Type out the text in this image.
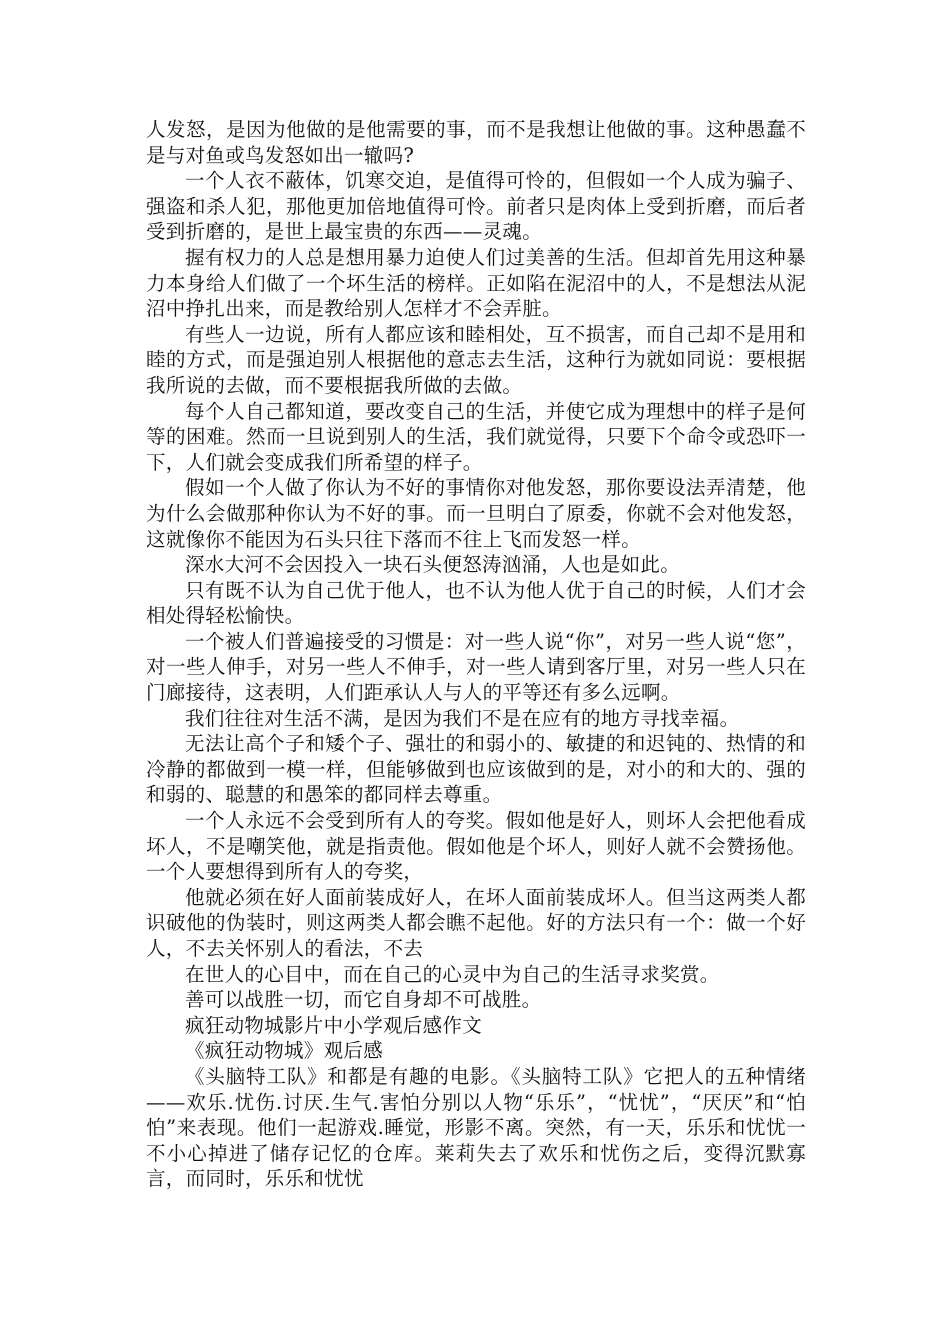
人发怒，是因为他做的是他需要的事，而不是我想让他做的事。这种愚蠢不是与对鱼或鸟发怒如出一辙吗?

一个人衣不蔽体，饥寒交迫，是值得可怜的，但假如一个人成为骗子、强盗和杀人犯，那他更加倍地值得可怜。前者只是肉体上受到折磨，而后者受到折磨的，是世上最宝贵的东西——灵魂。

握有权力的人总是想用暴力迫使人们过美善的生活。但却首先用这种暴力本身给人们做了一个坏生活的榜样。正如陷在泥沼中的人，不是想法从泥沼中挣扎出来，而是教给别人怎样才不会弄脏。

有些人一边说，所有人都应该和睦相处，互不损害，而自己却不是用和睦的方式，而是强迫别人根据他的意志去生活，这种行为就如同说：要根据我所说的去做，而不要根据我所做的去做。

每个人自己都知道，要改变自己的生活，并使它成为理想中的样子是何等的困难。然而一旦说到别人的生活，我们就觉得，只要下个命令或恐吓一下，人们就会变成我们所希望的样子。

假如一个人做了你认为不好的事情你对他发怒，那你要设法弄清楚，他为什么会做那种你认为不好的事。而一旦明白了原委，你就不会对他发怒，这就像你不能因为石头只往下落而不往上飞而发怒一样。

深水大河不会因投入一块石头便怒涛汹涌，人也是如此。

只有既不认为自己优于他人，也不认为他人优于自己的时候，人们才会相处得轻松愉快。

一个被人们普遍接受的习惯是：对一些人说“你”，对另一些人说“您”，对一些人伸手，对另一些人不伸手，对一些人请到客厅里，对另一些人只在门廊接待，这表明，人们距承认人与人的平等还有多么远啊。

我们往往对生活不满，是因为我们不是在应有的地方寻找幸福。

无法让高个子和矮个子、强壮的和弱小的、敏捷的和迟钝的、热情的和冷静的都做到一模一样，但能够做到也应该做到的是，对小的和大的、强的和弱的、聪慧的和愚笨的都同样去尊重。

一个人永远不会受到所有人的夸奖。假如他是好人，则坏人会把他看成坏人，不是嘲笑他，就是指责他。假如他是个坏人，则好人就不会赞扬他。一个人要想得到所有人的夸奖，

他就必须在好人面前装成好人，在坏人面前装成坏人。但当这两类人都识破他的伪装时，则这两类人都会瞧不起他。好的方法只有一个：做一个好人，不去关怀别人的看法，不去

在世人的心目中，而在自己的心灵中为自己的生活寻求奖赏。

善可以战胜一切，而它自身却不可战胜。

疯狂动物城影片中小学观后感作文

《疯狂动物城》观后感

《头脑特工队》和都是有趣的电影。《头脑特工队》它把人的五种情绪——欢乐.忧伤.讨厌.生气.害怕分别以人物“乐乐”，“忧忧”，“厌厌”和“怕怕”来表现。他们一起游戏.睡觉，形影不离。突然，有一天，乐乐和忧忧一不小心掉进了储存记忆的仓库。莱莉失去了欢乐和忧伤之后，变得沉默寡言，而同时，乐乐和忧忧
